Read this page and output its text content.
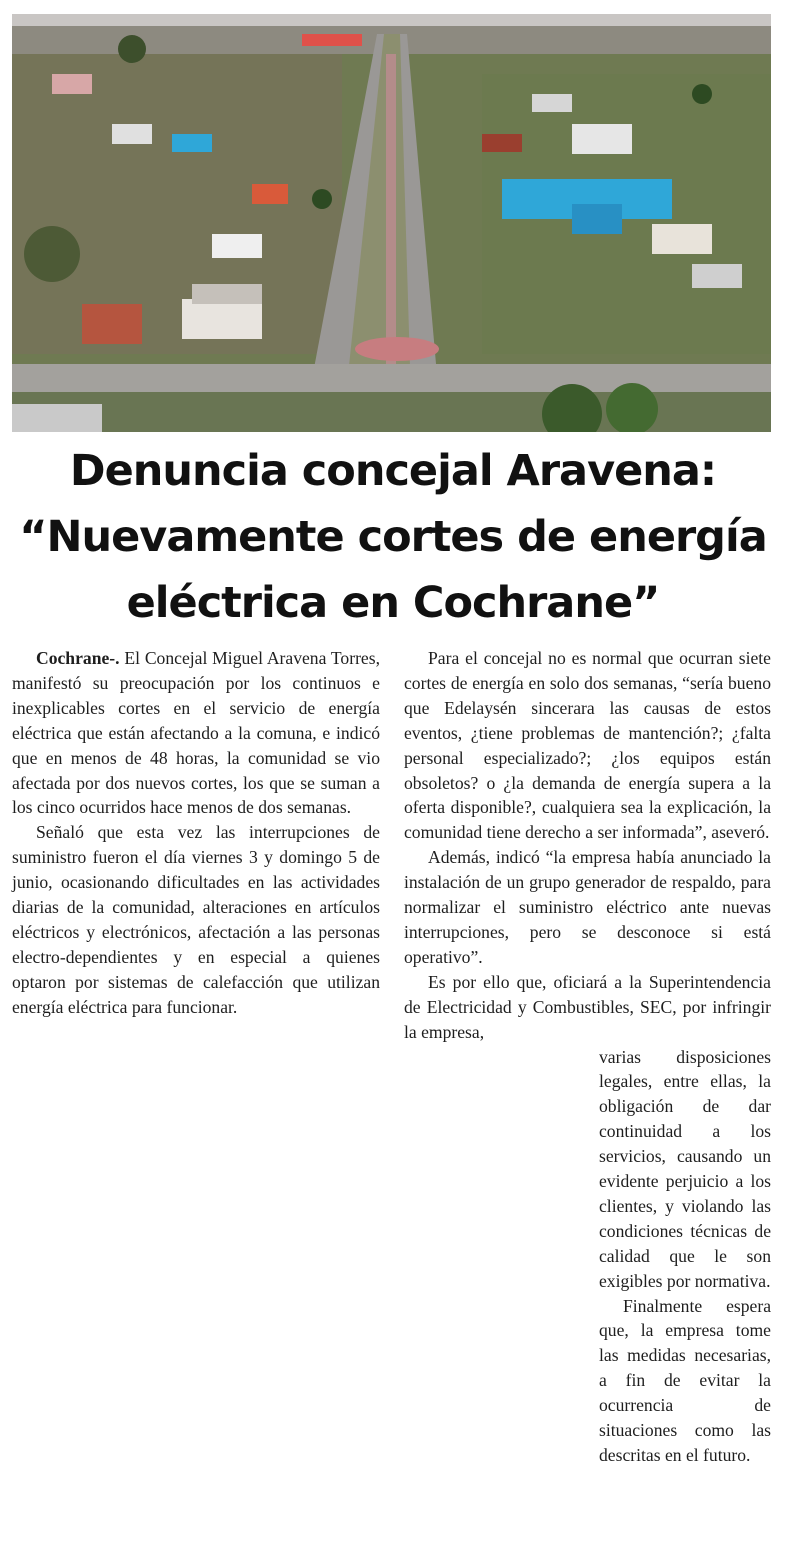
Denuncia concejal Aravena:
“Nuevamente cortes de energía
eléctrica en Cochrane”

Cochrane-. El Concejal Miguel Aravena Torres, manifestó su preocupación por los continuos e inexplicables cortes en el servicio de energía eléctrica que están afectando a la comuna, e indicó que en menos de 48 horas, la comunidad se vio afectada por dos nuevos cortes, los que se suman a los cinco ocurridos hace menos de dos semanas.

Señaló que esta vez las interrupciones de suministro fueron el día viernes 3 y domingo 5 de junio, ocasionando dificultades en las actividades diarias de la comunidad, alteraciones en artículos eléctricos y electrónicos, afectación a las personas electro-dependientes y en especial a quienes optaron por sistemas de calefacción que utilizan energía eléctrica para funcionar.

Para el concejal no es normal que ocurran siete cortes de energía en solo dos semanas, “sería bueno que Edelaysén sincerara las causas de estos eventos, ¿tiene problemas de mantención?; ¿falta personal especializado?; ¿los equipos están obsoletos? o ¿la demanda de energía supera a la oferta disponible?, cualquiera sea la explicación, la comunidad tiene derecho a ser informada”, aseveró.

Además, indicó “la empresa había anunciado la instalación de un grupo generador de respaldo, para normalizar el suministro eléctrico ante nuevas interrupciones, pero se desconoce si está operativo”.

Es por ello que, oficiará a la Superintendencia de Electricidad y Combustibles, SEC, por infringir la empresa,

varias disposiciones legales, entre ellas, la obligación de dar continuidad a los servicios, causando un evidente perjuicio a los clientes, y violando las condiciones técnicas de calidad que le son exigibles por normativa.

Finalmente espera que, la empresa tome las medidas necesarias, a fin de evitar la ocurrencia de situaciones como las descritas en el futuro.
